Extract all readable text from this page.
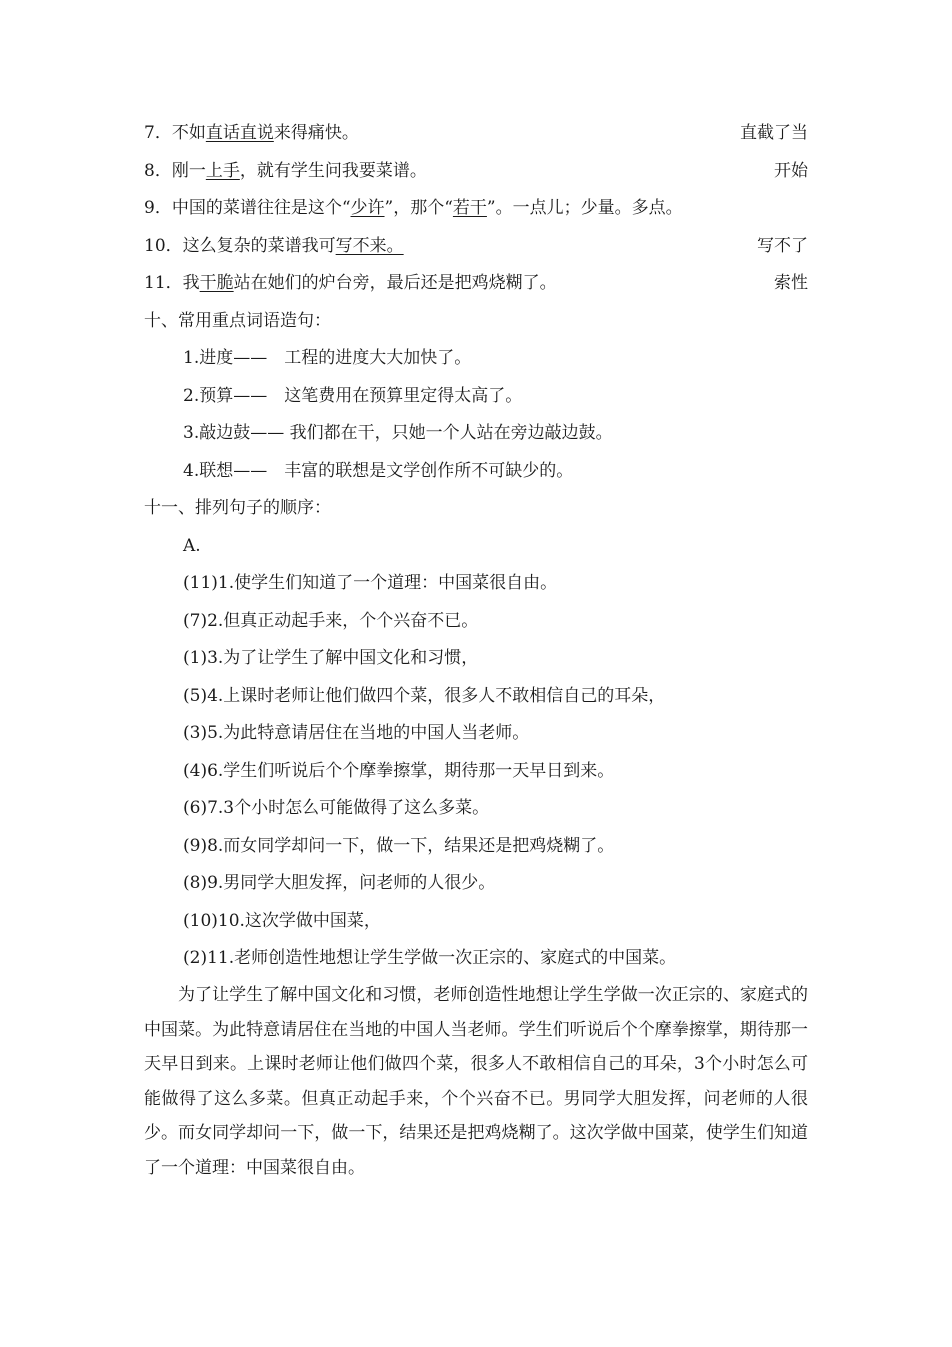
7．不如直话直说来得痛快。	直截了当
8．刚一上手，就有学生问我要菜谱。	开始
9．中国的菜谱往往是这个“少许”，那个“若干”。一点儿；少量。多点。
10．这么复杂的菜谱我可写不来。	写不了
11．我干脆站在她们的炉台旁，最后还是把鸡烧糊了。	索性
十、常用重点词语造句：
1.进度——　工程的进度大大加快了。
2.预算——　这笔费用在预算里定得太高了。
3.敲边鼓—— 我们都在干，只她一个人站在旁边敲边鼓。
4.联想——　丰富的联想是文学创作所不可缺少的。
十一、排列句子的顺序：
A.
(11)1.使学生们知道了一个道理：中国菜很自由。
(7)2.但真正动起手来，个个兴奋不已。
(1)3.为了让学生了解中国文化和习惯，
(5)4.上课时老师让他们做四个菜，很多人不敢相信自己的耳朵，
(3)5.为此特意请居住在当地的中国人当老师。
(4)6.学生们听说后个个摩拳擦掌，期待那一天早日到来。
(6)7.3个小时怎么可能做得了这么多菜。
(9)8.而女同学却问一下，做一下，结果还是把鸡烧糊了。
(8)9.男同学大胆发挥，问老师的人很少。
(10)10.这次学做中国菜，
(2)11.老师创造性地想让学生学做一次正宗的、家庭式的中国菜。

为了让学生了解中国文化和习惯，老师创造性地想让学生学做一次正宗的、家庭式的中国菜。为此特意请居住在当地的中国人当老师。学生们听说后个个摩拳擦掌，期待那一天早日到来。上课时老师让他们做四个菜，很多人不敢相信自己的耳朵，3个小时怎么可能做得了这么多菜。但真正动起手来，个个兴奋不已。男同学大胆发挥，问老师的人很少。而女同学却问一下，做一下，结果还是把鸡烧糊了。这次学做中国菜，使学生们知道了一个道理：中国菜很自由。
